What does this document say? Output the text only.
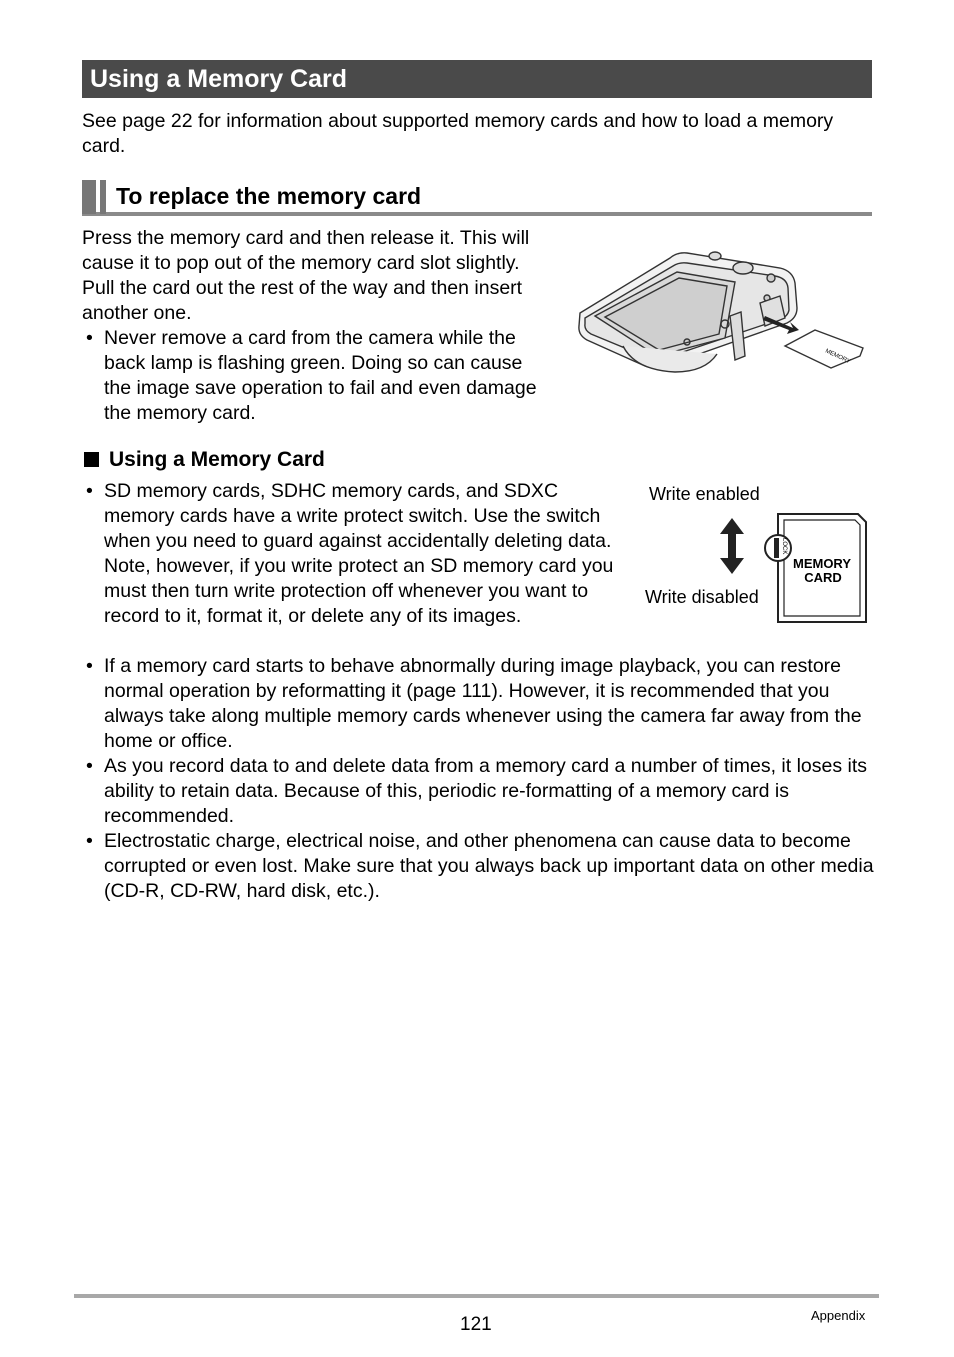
Using a Memory Card

See page 22 for information about supported memory cards and how to load a memory card.

To replace the memory card

Press the memory card and then release it. This will cause it to pop out of the memory card slot slightly. Pull the card out the rest of the way and then insert another one.

• Never remove a card from the camera while the back lamp is flashing green. Doing so can cause the image save operation to fail and even damage the memory card.
MEMORY
Using a Memory Card
• SD memory cards, SDHC memory cards, and SDXC memory cards have a write protect switch. Use the switch when you need to guard against accidentally deleting data. Note, however, if you write protect an SD memory card you must then turn write protection off whenever you want to record to it, format it, or delete any of its images.
• If a memory card starts to behave abnormally during image playback, you can restore normal operation by reformatting it (page 111). However, it is recommended that you always take along multiple memory cards whenever using the camera far away from the home or office.
• As you record data to and delete data from a memory card a number of times, it loses its ability to retain data. Because of this, periodic re-formatting of a memory card is recommended.
• Electrostatic charge, electrical noise, and other phenomena can cause data to become corrupted or even lost. Make sure that you always back up important data on other media (CD-R, CD-RW, hard disk, etc.).
Write enabled
Write disabled
LOCK
MEMORY
CARD
121	Appendix
